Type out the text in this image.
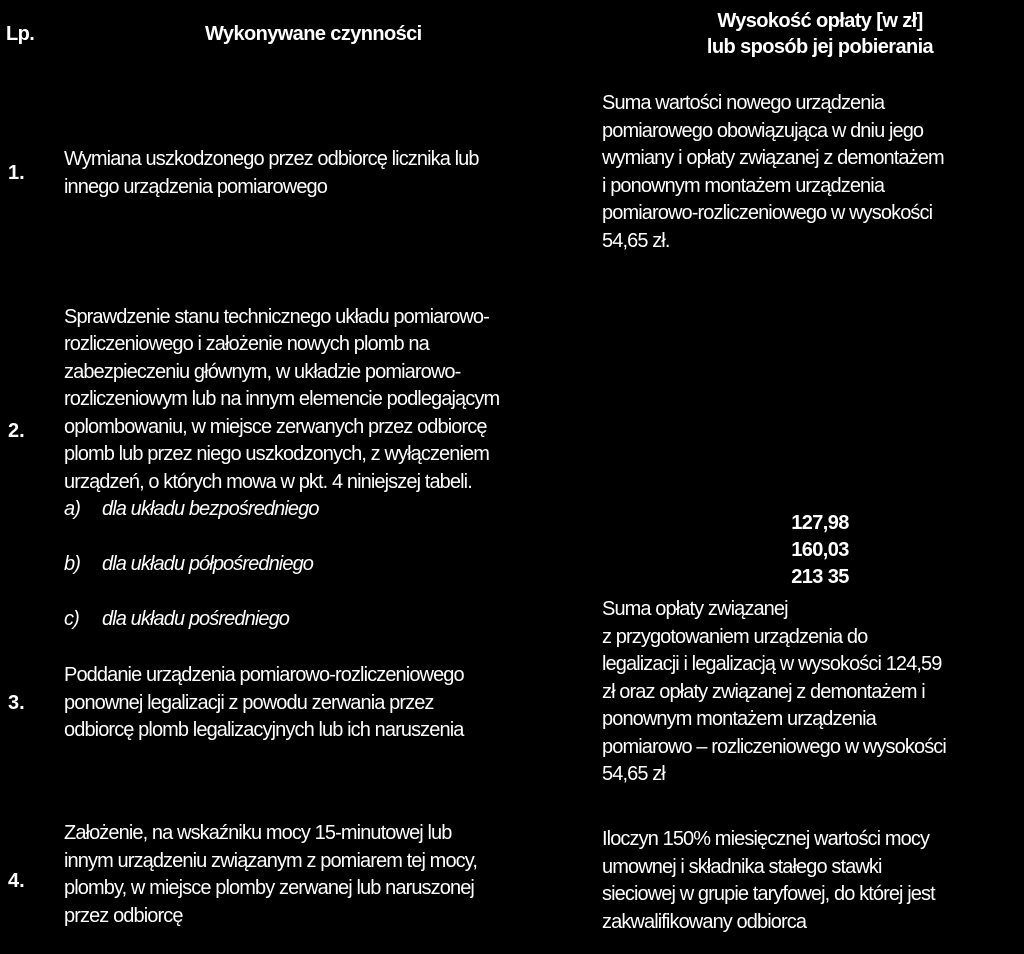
Lp.	Wykonywane czynności
Wysokość opłaty [w zł]
lub sposób jej pobierania
1.
Wymiana uszkodzonego przez odbiorcę licznika lub
innego urządzenia pomiarowego
Suma wartości nowego urządzenia
pomiarowego obowiązująca w dniu jego
wymiany i opłaty związanej z demontażem
i ponownym montażem urządzenia
pomiarowo-rozliczeniowego w wysokości
54,65 zł.
2.

Sprawdzenie stanu technicznego układu pomiarowo-
rozliczeniowego i założenie nowych plomb na
zabezpieczeniu głównym, w układzie pomiarowo-
rozliczeniowym lub na innym elemencie podlegającym
oplombowaniu, w miejsce zerwanych przez odbiorcę
plomb lub przez niego uszkodzonych, z wyłączeniem
urządzeń, o których mowa w pkt. 4 niniejszej tabeli.

a) dla układu bezpośredniego

b) dla układu półpośredniego

c) dla układu pośredniego

127,98
160,03
213 35
3.
Poddanie urządzenia pomiarowo-rozliczeniowego
ponownej legalizacji z powodu zerwania przez
odbiorcę plomb legalizacyjnych lub ich naruszenia
Suma opłaty związanej
z przygotowaniem urządzenia do
legalizacji i legalizacją w wysokości 124,59
zł oraz opłaty związanej z demontażem i
ponownym montażem urządzenia
pomiarowo – rozliczeniowego w wysokości
54,65 zł
4.
Założenie, na wskaźniku mocy 15-minutowej lub
innym urządzeniu związanym z pomiarem tej mocy,
plomby, w miejsce plomby zerwanej lub naruszonej
przez odbiorcę
Iloczyn 150% miesięcznej wartości mocy
umownej i składnika stałego stawki
sieciowej w grupie taryfowej, do której jest
zakwalifikowany odbiorca
